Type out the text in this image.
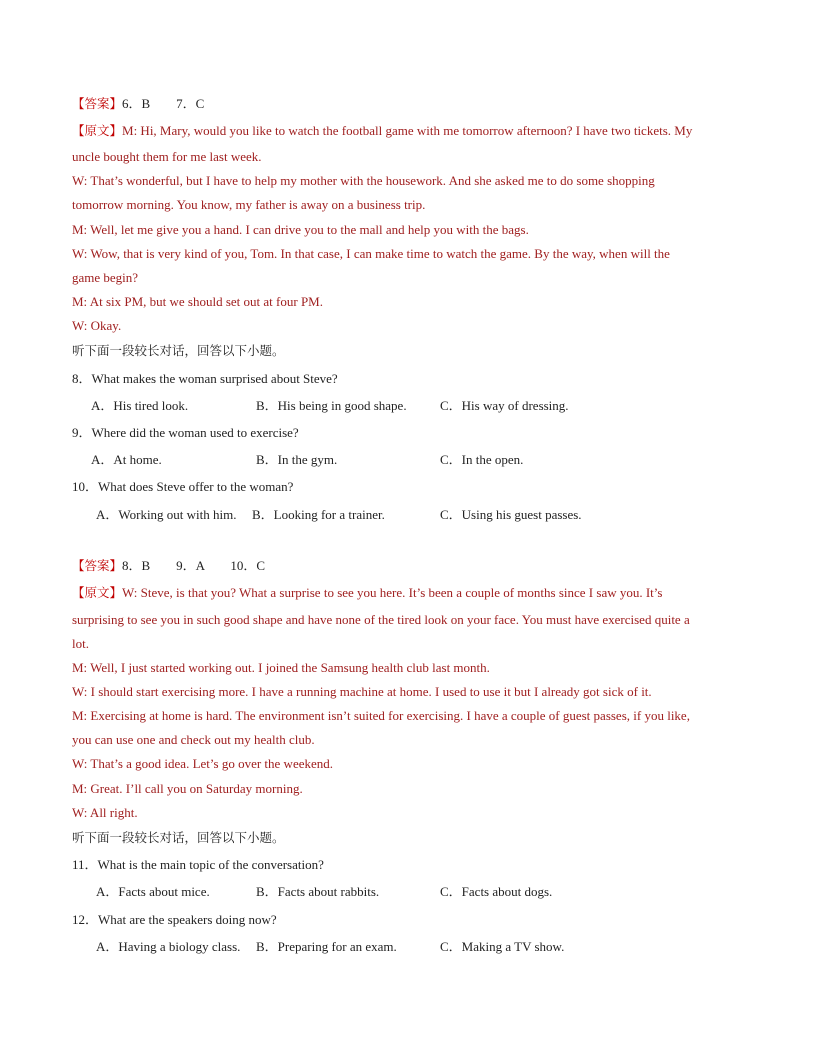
【答案】6．B　　7．C
【原文】M: Hi, Mary, would you like to watch the football game with me tomorrow afternoon? I have two tickets. My
uncle bought them for me last week.
W: That’s wonderful, but I have to help my mother with the housework. And she asked me to do some shopping
tomorrow morning. You know, my father is away on a business trip.
M: Well, let me give you a hand. I can drive you to the mall and help you with the bags.
W: Wow, that is very kind of you, Tom. In that case, I can make time to watch the game. By the way, when will the
game begin?
M: At six PM, but we should set out at four PM.
W: Okay.
听下面一段较长对话，回答以下小题。
8．What makes the woman surprised about Steve?
A．His tired look.	B．His being in good shape.	C．His way of dressing.
9．Where did the woman used to exercise?
A．At home.	B．In the gym.	C．In the open.
10．What does Steve offer to the woman?
A．Working out with him. B．Looking for a trainer.	C．Using his guest passes.
【答案】8．B　　9．A　　10．C
【原文】W: Steve, is that you? What a surprise to see you here. It’s been a couple of months since I saw you. It’s
surprising to see you in such good shape and have none of the tired look on your face. You must have exercised quite a
lot.
M: Well, I just started working out. I joined the Samsung health club last month.
W: I should start exercising more. I have a running machine at home. I used to use it but I already got sick of it.
M: Exercising at home is hard. The environment isn’t suited for exercising. I have a couple of guest passes, if you like,
you can use one and check out my health club.
W: That’s a good idea. Let’s go over the weekend.
M: Great. I’ll call you on Saturday morning.
W: All right.
听下面一段较长对话，回答以下小题。
11．What is the main topic of the conversation?
A．Facts about mice.	B．Facts about rabbits.	C．Facts about dogs.
12．What are the speakers doing now?
A．Having a biology class. B．Preparing for an exam.	C．Making a TV show.
